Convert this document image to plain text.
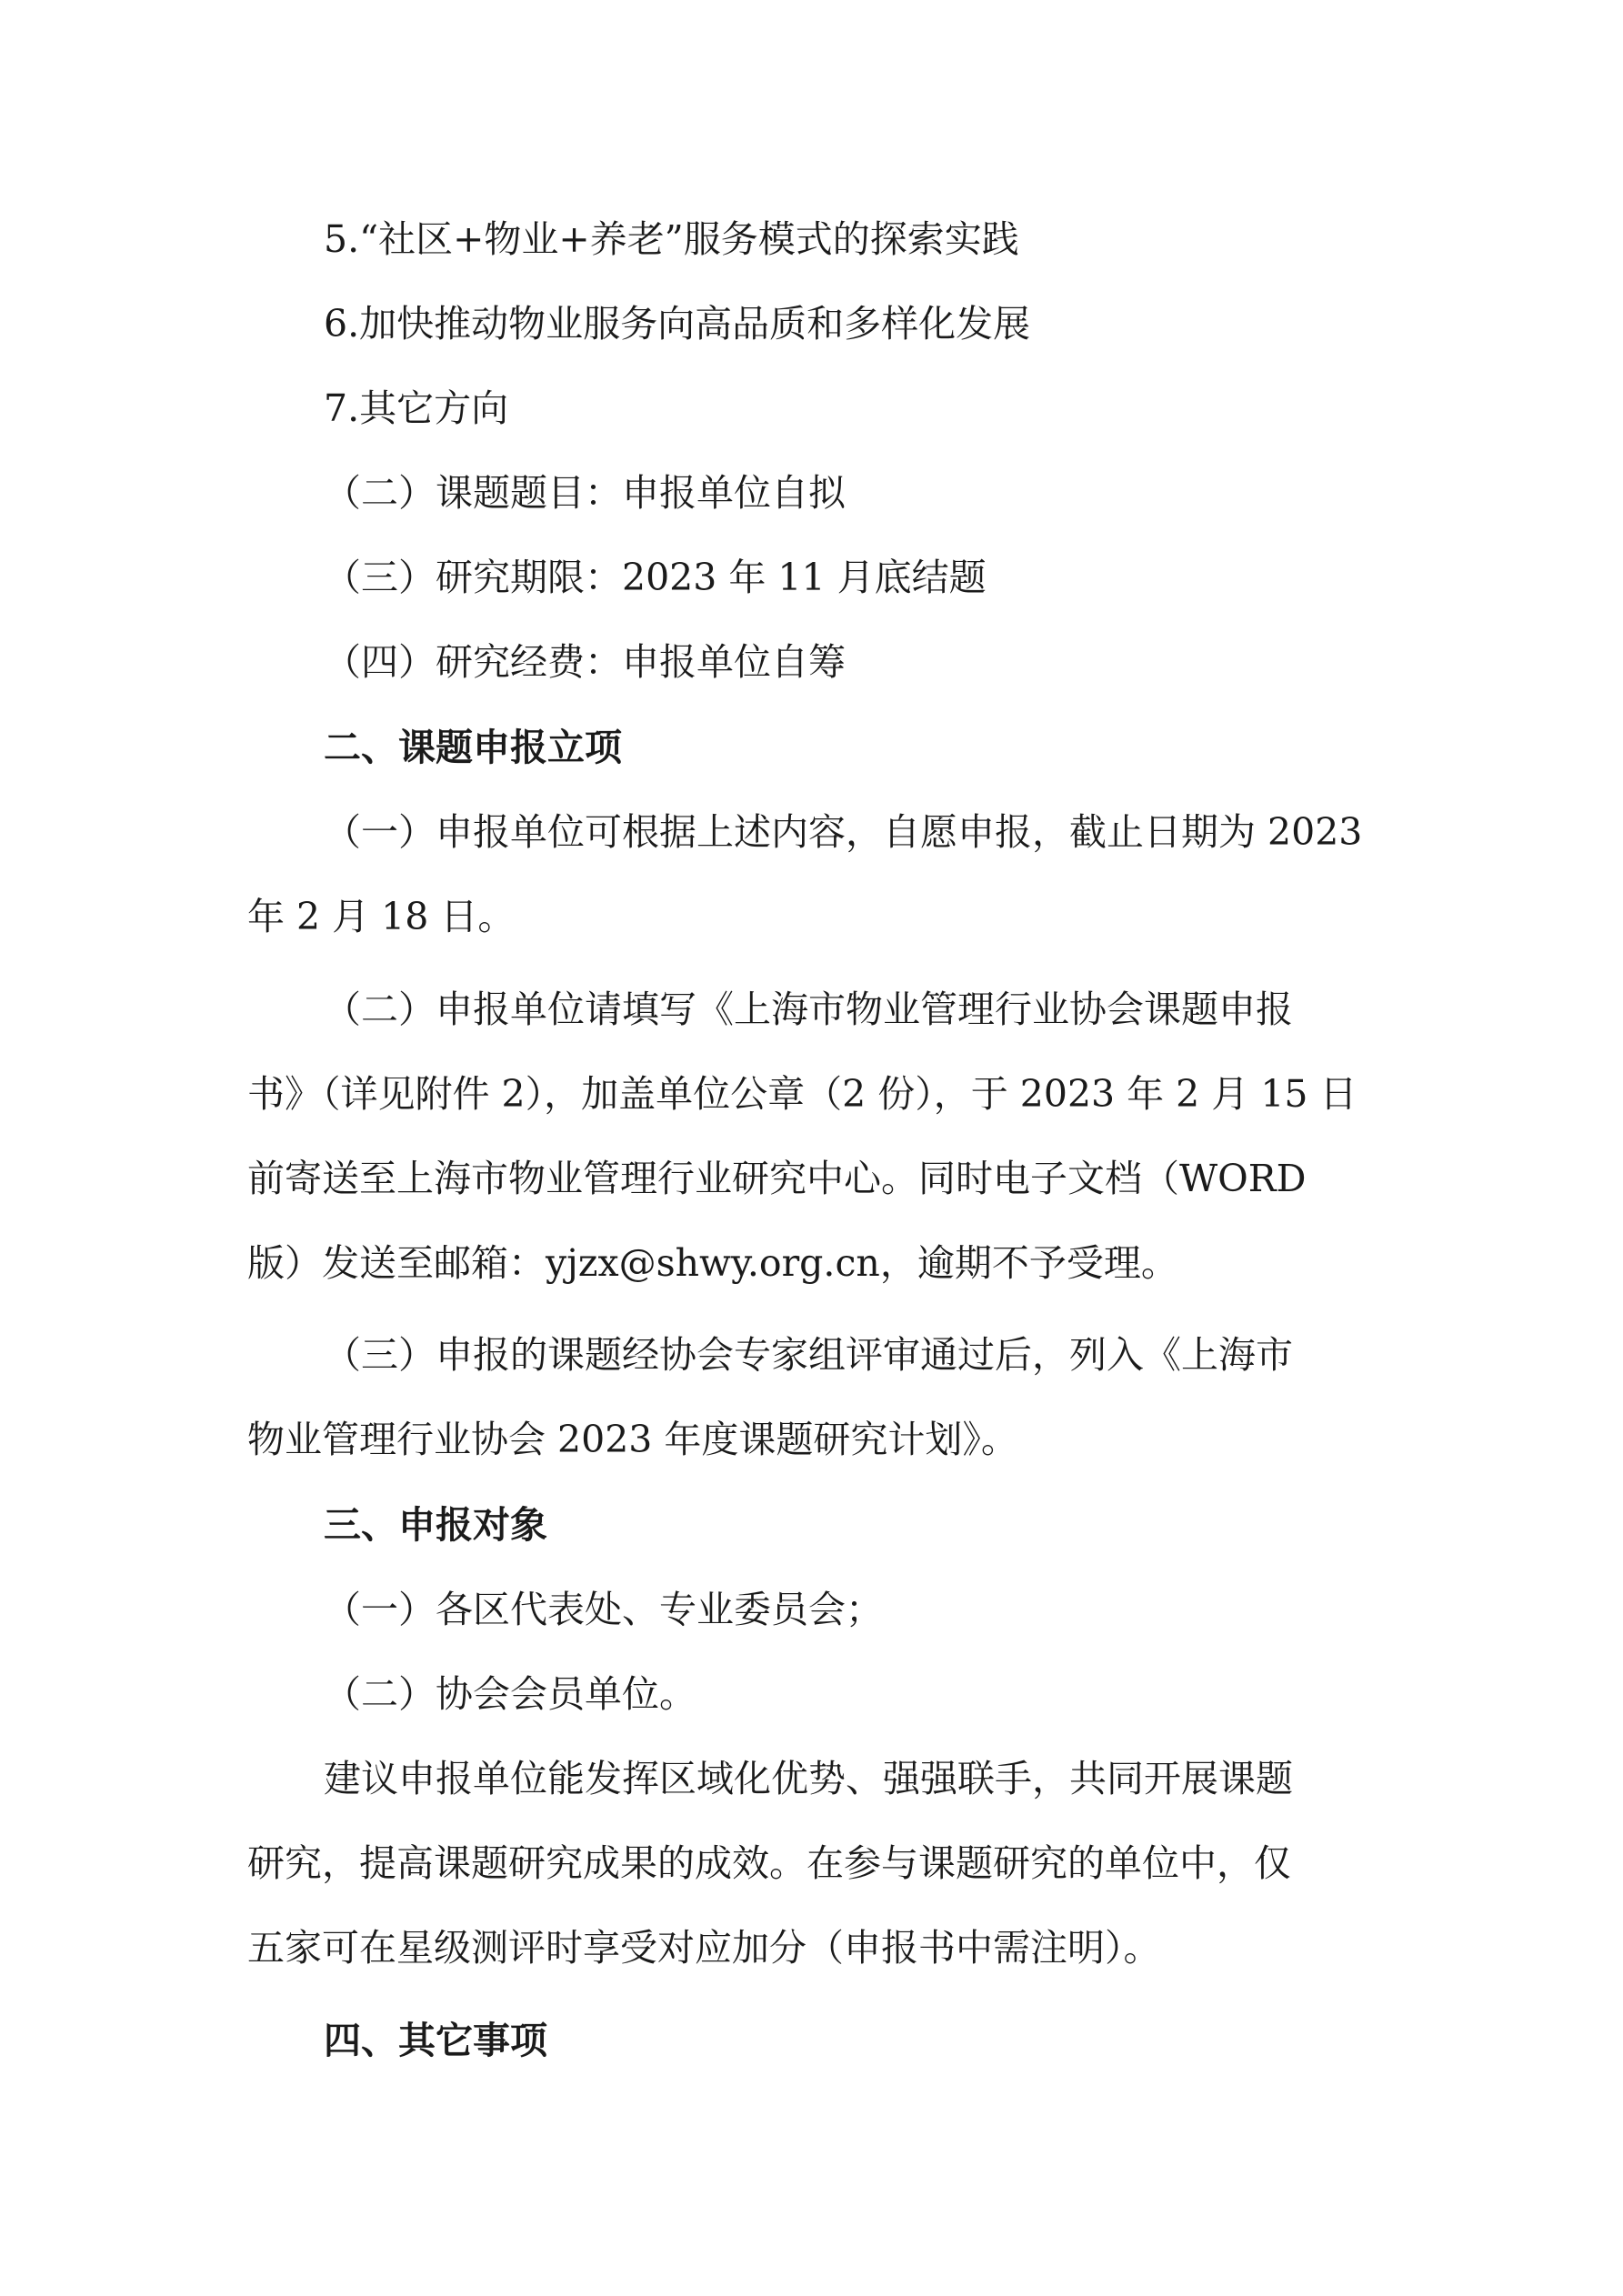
5.“社区+物业+养老”服务模式的探索实践

6.加快推动物业服务向高品质和多样化发展

7.其它方向

（二）课题题目：申报单位自拟

（三）研究期限：2023 年 11 月底结题

（四）研究经费：申报单位自筹

二、课题申报立项

（一）申报单位可根据上述内容，自愿申报，截止日期为 2023

年 2 月 18 日。

（二）申报单位请填写《上海市物业管理行业协会课题申报

书》（详见附件 2），加盖单位公章（2 份），于 2023 年 2 月 15 日

前寄送至上海市物业管理行业研究中心。同时电子文档（WORD

版）发送至邮箱：yjzx@shwy.org.cn，逾期不予受理。

（三）申报的课题经协会专家组评审通过后，列入《上海市

物业管理行业协会 2023 年度课题研究计划》。

三、申报对象

（一）各区代表处、专业委员会；

（二）协会会员单位。

建议申报单位能发挥区域化优势、强强联手，共同开展课题

研究，提高课题研究成果的成效。在参与课题研究的单位中，仅

五家可在星级测评时享受对应加分（申报书中需注明）。

四、其它事项
